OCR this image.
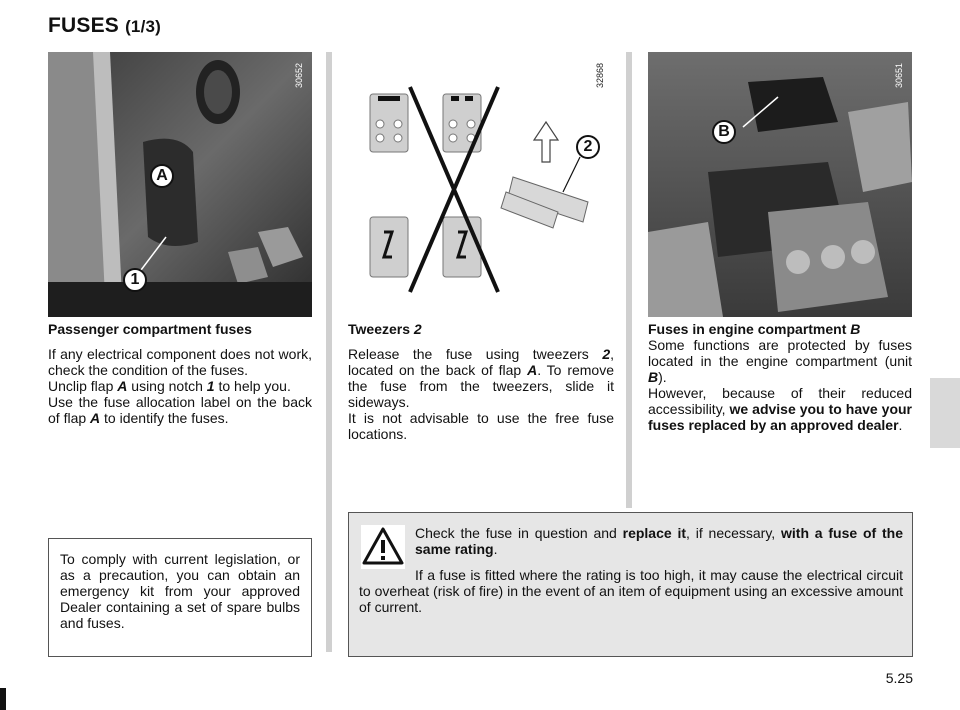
FUSES (1/3)
A
1
30652
2
32868
B
30651

Passenger compartment fuses

If any electrical component does not work, check the condition of the fuses.

Unclip flap A using notch 1 to help you.

Use the fuse allocation label on the back of flap A to identify the fuses.

Tweezers 2

Release the fuse using tweezers 2, located on the back of flap A. To remove the fuse from the tweezers, slide it sideways.

It is not advisable to use the free fuse locations.

Fuses in engine compartment B

Some functions are protected by fuses located in the engine compartment (unit B).

However, because of their reduced accessibility, we advise you to have your fuses replaced by an approved dealer.

To comply with current legislation, or as a precaution, you can obtain an emergency kit from your approved Dealer containing a set of spare bulbs and fuses.

Check the fuse in question and replace it, if necessary, with a fuse of the same rating.

If a fuse is fitted where the rating is too high, it may cause the electrical circuit to overheat (risk of fire) in the event of an item of equipment using an excessive amount of current.

5.25
